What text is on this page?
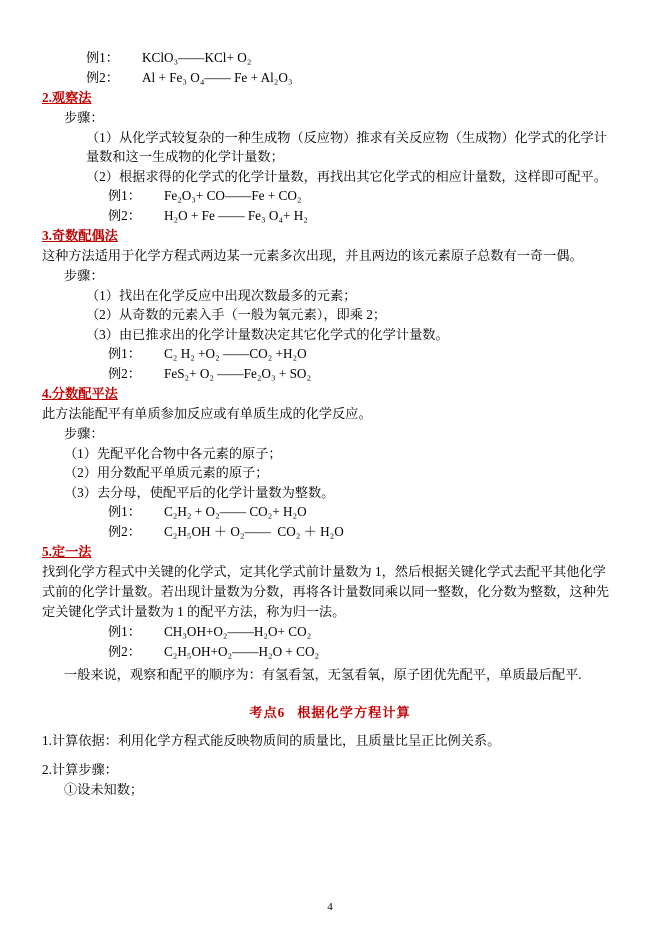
例1： KClO₃——KCl+ O₂
例2： Al + Fe₃ O₄—— Fe + Al₂O₃
2.观察法
步骤：
（1）从化学式较复杂的一种生成物（反应物）推求有关反应物（生成物）化学式的化学计量数和这一生成物的化学计量数；
（2）根据求得的化学式的化学计量数，再找出其它化学式的相应计量数，这样即可配平。
例1： Fe₂O₃+ CO——Fe + CO₂
例2： H₂O + Fe —— Fe₃ O₄+ H₂
3.奇数配偶法
这种方法适用于化学方程式两边某一元素多次出现，并且两边的该元素原子总数有一奇一偶。
步骤：
（1）找出在化学反应中出现次数最多的元素；
（2）从奇数的元素入手（一般为氧元素），即乘 2；
（3）由已推求出的化学计量数决定其它化学式的化学计量数。
例1： C₂ H₂ +O₂ ——CO₂ +H₂O
例2： FeS₂+ O₂ ——Fe₂O₃ + SO₂
4.分数配平法
此方法能配平有单质参加反应或有单质生成的化学反应。
步骤：
（1）先配平化合物中各元素的原子；
（2）用分数配平单质元素的原子；
（3）去分母，使配平后的化学计量数为整数。
例1： C₂H₂ + O₂—— CO₂+ H₂O
例2： C₂H₅OH ＋ O₂——  CO₂ ＋ H₂O
5.定一法
找到化学方程式中关键的化学式，定其化学式前计量数为 1，然后根据关键化学式去配平其他化学式前的化学计量数。若出现计量数为分数，再将各计量数同乘以同一整数，化分数为整数，这种先定关键化学式计量数为 1 的配平方法，称为归一法。
例1： CH₃OH+O₂——H₂O+ CO₂
例2： C₂H₅OH+O₂——H₂O + CO₂
一般来说，观察和配平的顺序为：有氢看氢，无氢看氧，原子团优先配平，单质最后配平.
考点6 根据化学方程计算
1.计算依据：利用化学方程式能反映物质间的质量比，且质量比呈正比例关系。
2.计算步骤：
①设未知数；
4
